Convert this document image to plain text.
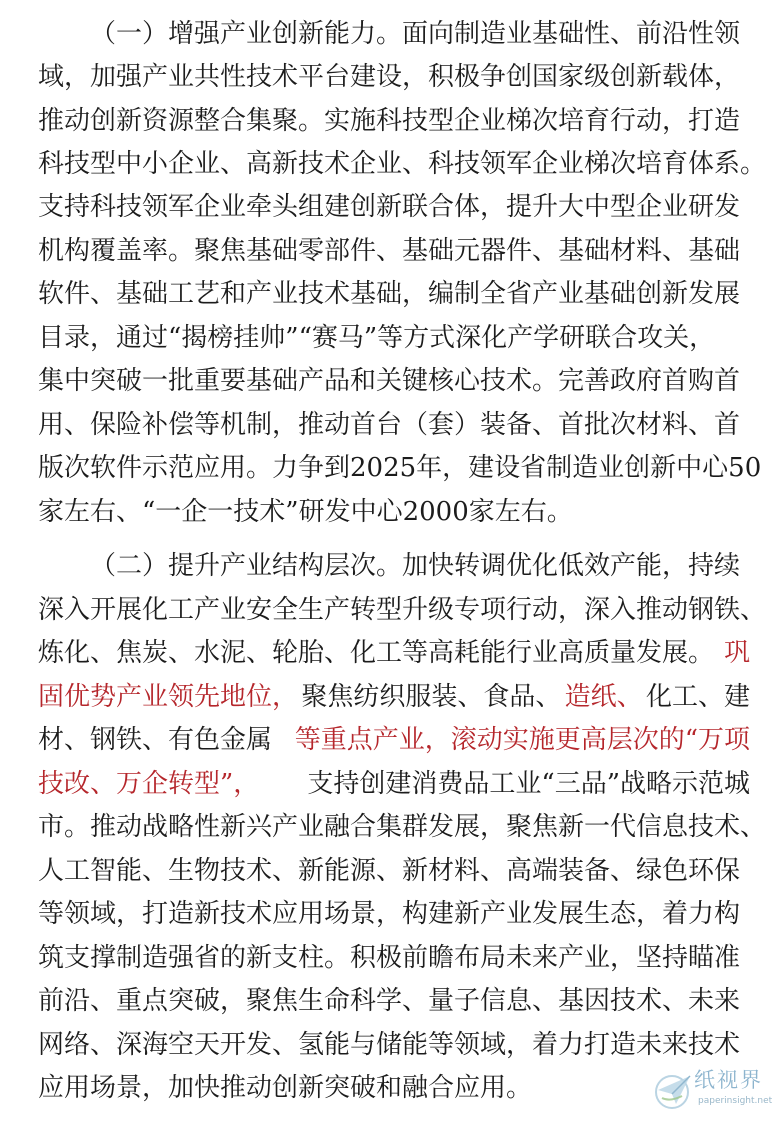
（一）增强产业创新能力。面向制造业基础性、前沿性领
域，加强产业共性技术平台建设，积极争创国家级创新载体，
推动创新资源整合集聚。实施科技型企业梯次培育行动，打造
科技型中小企业、高新技术企业、科技领军企业梯次培育体系。
支持科技领军企业牵头组建创新联合体，提升大中型企业研发
机构覆盖率。聚焦基础零部件、基础元器件、基础材料、基础
软件、基础工艺和产业技术基础，编制全省产业基础创新发展
目录，通过“揭榜挂帅”“赛马”等方式深化产学研联合攻关，
集中突破一批重要基础产品和关键核心技术。完善政府首购首
用、保险补偿等机制，推动首台（套）装备、首批次材料、首
版次软件示范应用。力争到2025年，建设省制造业创新中心50
家左右、“一企一技术”研发中心2000家左右。
（二）提升产业结构层次。加快转调优化低效产能，持续
深入开展化工产业安全生产转型升级专项行动，深入推动钢铁、
炼化、焦炭、水泥、轮胎、化工等高耗能行业高质量发展。 巩
固优势产业领先地位， 聚焦纺织服装、食品、 造纸、 化工、建
材、钢铁、有色金属 等重点产业，滚动实施更高层次的“万项
技改、万企转型”， 支持创建消费品工业“三品”战略示范城
市。推动战略性新兴产业融合集群发展，聚焦新一代信息技术、
人工智能、生物技术、新能源、新材料、高端装备、绿色环保
等领域，打造新技术应用场景，构建新产业发展生态，着力构
筑支撑制造强省的新支柱。积极前瞻布局未来产业，坚持瞄准
前沿、重点突破，聚焦生命科学、量子信息、基因技术、未来
网络、深海空天开发、氢能与储能等领域，着力打造未来技术
应用场景，加快推动创新突破和融合应用。	纸视界
paperinsight.net
